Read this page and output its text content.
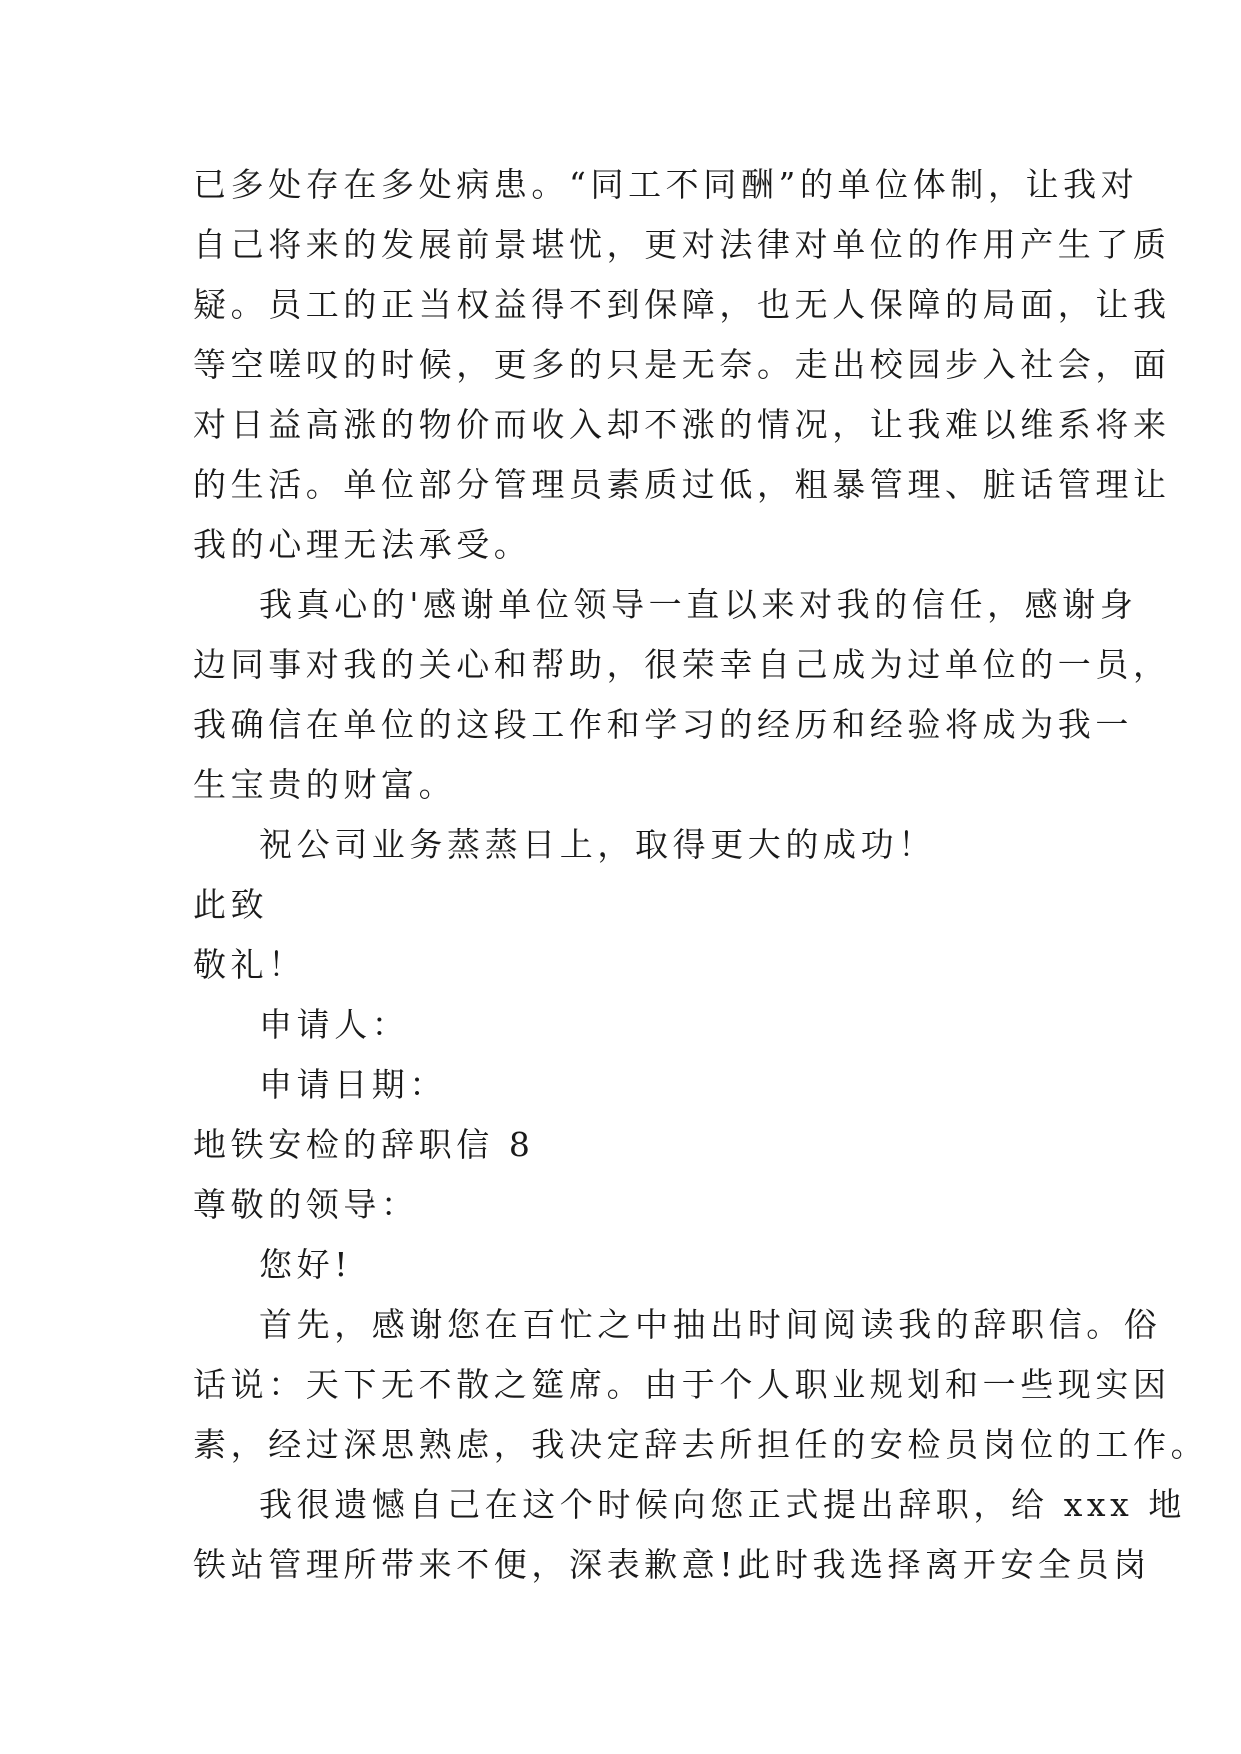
已多处存在多处病患。“同工不同酬”的单位体制，让我对
自己将来的发展前景堪忧，更对法律对单位的作用产生了质
疑。员工的正当权益得不到保障，也无人保障的局面，让我
等空嗟叹的时候，更多的只是无奈。走出校园步入社会，面
对日益高涨的物价而收入却不涨的情况，让我难以维系将来
的生活。单位部分管理员素质过低，粗暴管理、脏话管理让
我的心理无法承受。
我真心的'感谢单位领导一直以来对我的信任，感谢身
边同事对我的关心和帮助，很荣幸自己成为过单位的一员，
我确信在单位的这段工作和学习的经历和经验将成为我一
生宝贵的财富。
祝公司业务蒸蒸日上，取得更大的成功！
此致
敬礼！
申请人：
申请日期：
地铁安检的辞职信 8
尊敬的领导：
您好!
首先，感谢您在百忙之中抽出时间阅读我的辞职信。俗
话说：天下无不散之筵席。由于个人职业规划和一些现实因
素，经过深思熟虑，我决定辞去所担任的安检员岗位的工作。
我很遗憾自己在这个时候向您正式提出辞职，给 xxx 地
铁站管理所带来不便，深表歉意!此时我选择离开安全员岗
